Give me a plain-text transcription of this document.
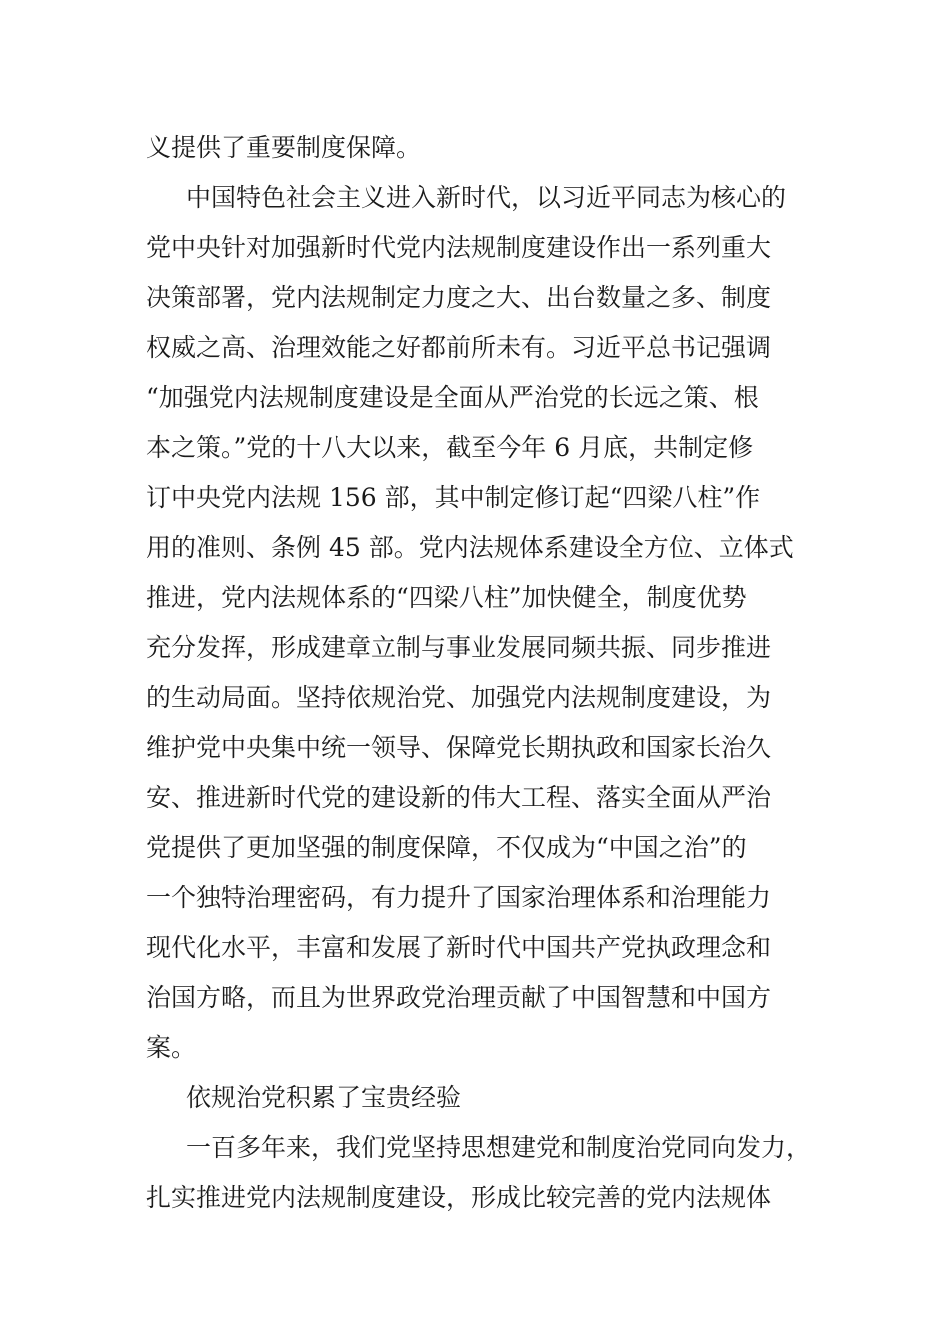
义提供了重要制度保障。
中国特色社会主义进入新时代，以习近平同志为核心的
党中央针对加强新时代党内法规制度建设作出一系列重大
决策部署，党内法规制定力度之大、出台数量之多、制度
权威之高、治理效能之好都前所未有。习近平总书记强调
“加强党内法规制度建设是全面从严治党的长远之策、根
本之策。”党的十八大以来，截至今年 6 月底，共制定修
订中央党内法规 156 部，其中制定修订起“四梁八柱”作
用的准则、条例 45 部。党内法规体系建设全方位、立体式
推进，党内法规体系的“四梁八柱”加快健全，制度优势
充分发挥，形成建章立制与事业发展同频共振、同步推进
的生动局面。坚持依规治党、加强党内法规制度建设，为
维护党中央集中统一领导、保障党长期执政和国家长治久
安、推进新时代党的建设新的伟大工程、落实全面从严治
党提供了更加坚强的制度保障，不仅成为“中国之治”的
一个独特治理密码，有力提升了国家治理体系和治理能力
现代化水平，丰富和发展了新时代中国共产党执政理念和
治国方略，而且为世界政党治理贡献了中国智慧和中国方
案。
依规治党积累了宝贵经验
一百多年来，我们党坚持思想建党和制度治党同向发力，
扎实推进党内法规制度建设，形成比较完善的党内法规体
